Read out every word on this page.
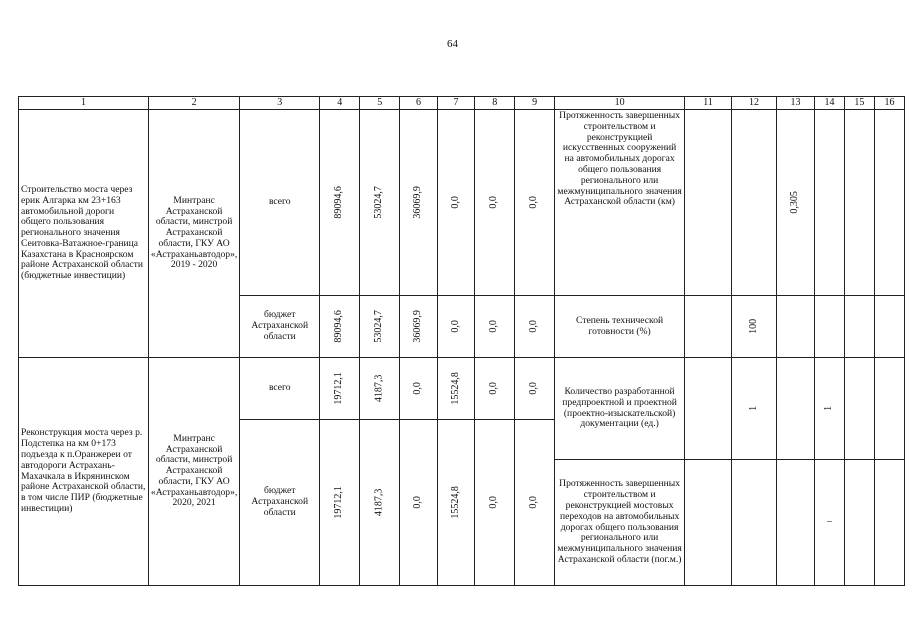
64
1	2	3	4	5	6	7	8	9	10	11	12	13	14	15	16
Строительство моста через ерик Алгарка км 23+163 автомобильной дороги общего пользования регионального значения Сеитовка-Ватажное-граница Казахстана в Красноярском районе Астраханской области (бюджетные инвестиции)	Минтранс Астраханской области, минстрой Астраханской области, ГКУ АО «Астраханьавтодор», 2019 - 2020	всего	89094,6	53024,7	36069,9	0,0	0,0	0,0	Протяженность завершенных строительством и реконструкцией искусственных сооружений на автомобильных дорогах общего пользования регионального или межмуниципального значения Астраханской области (км)			0,305			
		бюджет Астраханской области	89094,6	53024,7	36069,9	0,0	0,0	0,0	Степень технической готовности (%)		100				
Реконструкция моста через р. Подстепка на км 0+173 подъезда к п.Оранжереи от автодороги Астрахань-Махачкала в Икрянинском районе Астраханской области, в том числе ПИР (бюджетные инвестиции)	Минтранс Астраханской области, минстрой Астраханской области, ГКУ АО «Астраханьавтодор», 2020, 2021	всего	19712,1	4187,3	0,0	15524,8	0,0	0,0	Количество разработанной предпроектной и проектной (проектно-изыскательской) документации (ед.)		1		1		
		бюджет Астраханской области	19712,1	4187,3	0,0	15524,8	0,0	0,0							
									Протяженность завершенных строительством и реконструкцией мостовых переходов на автомобильных дорогах общего пользования регионального или межмуниципального значения Астраханской области (пог.м.)				–		
